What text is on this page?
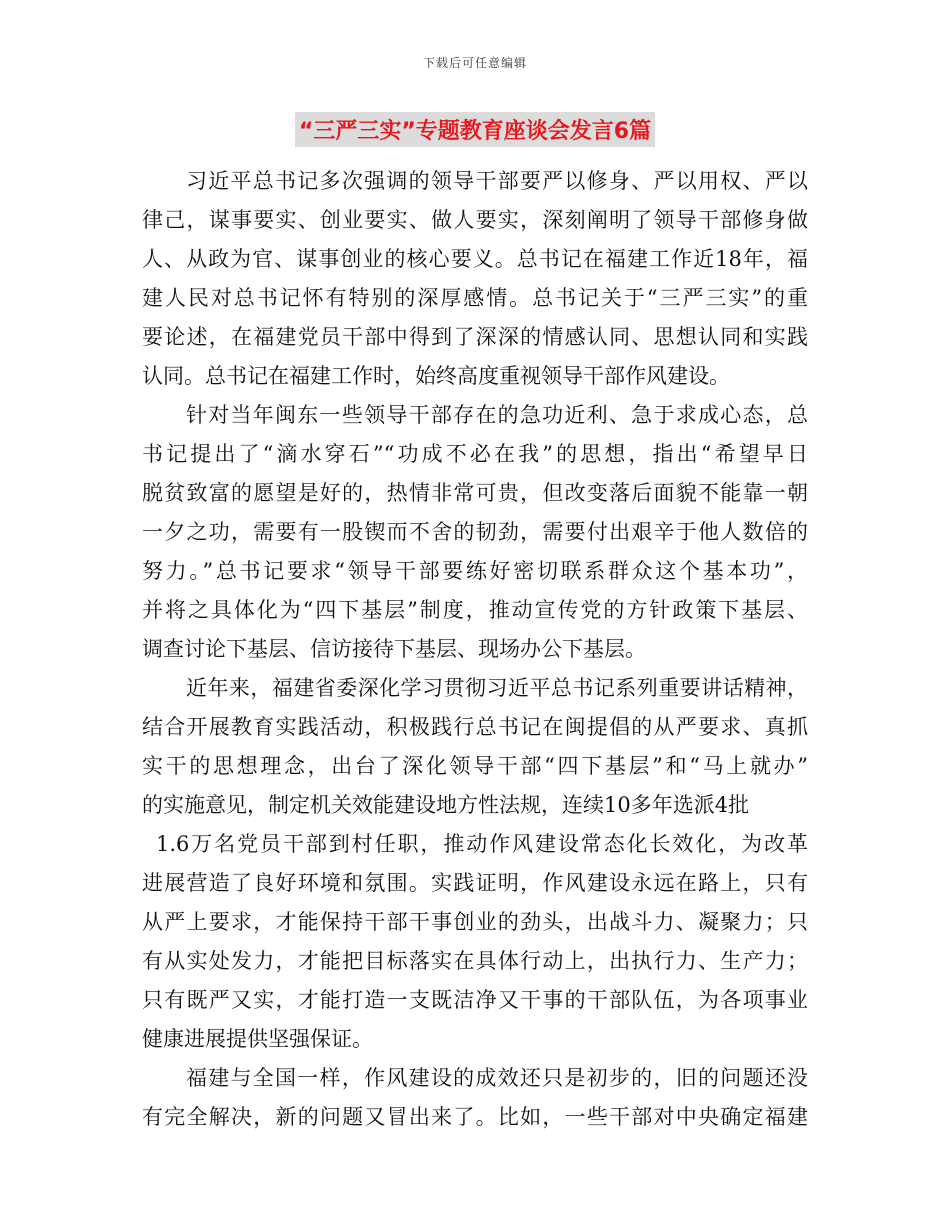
下载后可任意编辑
“三严三实”专题教育座谈会发言6篇
习近平总书记多次强调的领导干部要严以修身、严以用权、严以
律己，谋事要实、创业要实、做人要实，深刻阐明了领导干部修身做
人、从政为官、谋事创业的核心要义。总书记在福建工作近18年，福
建人民对总书记怀有特别的深厚感情。总书记关于“三严三实”的重
要论述，在福建党员干部中得到了深深的情感认同、思想认同和实践
认同。总书记在福建工作时，始终高度重视领导干部作风建设。
针对当年闽东一些领导干部存在的急功近利、急于求成心态，总
书记提出了“滴水穿石”“功成不必在我”的思想，指出“希望早日
脱贫致富的愿望是好的，热情非常可贵，但改变落后面貌不能靠一朝
一夕之功，需要有一股锲而不舍的韧劲，需要付出艰辛于他人数倍的
努力。”总书记要求“领导干部要练好密切联系群众这个基本功”，
并将之具体化为“四下基层”制度，推动宣传党的方针政策下基层、
调查讨论下基层、信访接待下基层、现场办公下基层。
近年来，福建省委深化学习贯彻习近平总书记系列重要讲话精神，
结合开展教育实践活动，积极践行总书记在闽提倡的从严要求、真抓
实干的思想理念，出台了深化领导干部“四下基层”和“马上就办”
的实施意见，制定机关效能建设地方性法规，连续10多年选派4批
1.6万名党员干部到村任职，推动作风建设常态化长效化，为改革
进展营造了良好环境和氛围。实践证明，作风建设永远在路上，只有
从严上要求，才能保持干部干事创业的劲头，出战斗力、凝聚力；只
有从实处发力，才能把目标落实在具体行动上，出执行力、生产力；
只有既严又实，才能打造一支既洁净又干事的干部队伍，为各项事业
健康进展提供坚强保证。
福建与全国一样，作风建设的成效还只是初步的，旧的问题还没
有完全解决，新的问题又冒出来了。比如，一些干部对中央确定福建
